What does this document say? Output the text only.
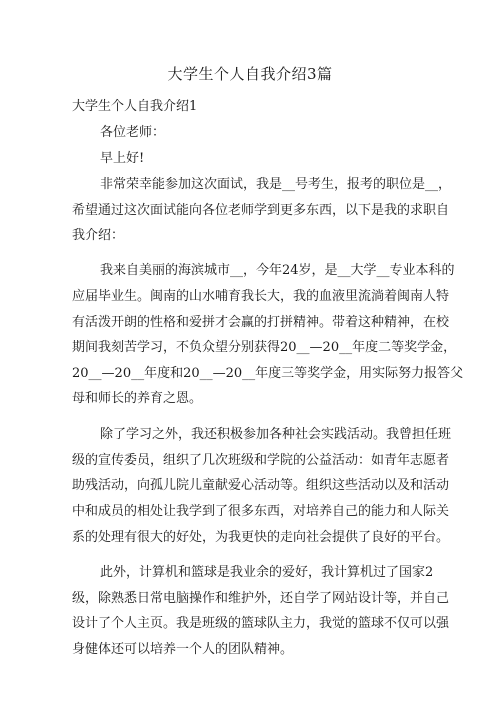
大学生个人自我介绍3篇
大学生个人自我介绍1
各位老师：
早上好!
非常荣幸能参加这次面试，我是__号考生，报考的职位是__，
希望通过这次面试能向各位老师学到更多东西，以下是我的求职自
我介绍：
我来自美丽的海滨城市__，今年24岁，是__大学__专业本科的
应届毕业生。闽南的山水哺育我长大，我的血液里流淌着闽南人特
有活泼开朗的性格和爱拼才会赢的打拼精神。带着这种精神，在校
期间我刻苦学习，不负众望分别获得20__—20__年度二等奖学金，
20__—20__年度和20__—20__年度三等奖学金，用实际努力报答父
母和师长的养育之恩。
除了学习之外，我还积极参加各种社会实践活动。我曾担任班
级的宣传委员，组织了几次班级和学院的公益活动：如青年志愿者
助残活动，向孤儿院儿童献爱心活动等。组织这些活动以及和活动
中和成员的相处让我学到了很多东西，对培养自己的能力和人际关
系的处理有很大的好处，为我更快的走向社会提供了良好的平台。
此外，计算机和篮球是我业余的爱好，我计算机过了国家2
级，除熟悉日常电脑操作和维护外，还自学了网站设计等，并自己
设计了个人主页。我是班级的篮球队主力，我觉的篮球不仅可以强
身健体还可以培养一个人的团队精神。
